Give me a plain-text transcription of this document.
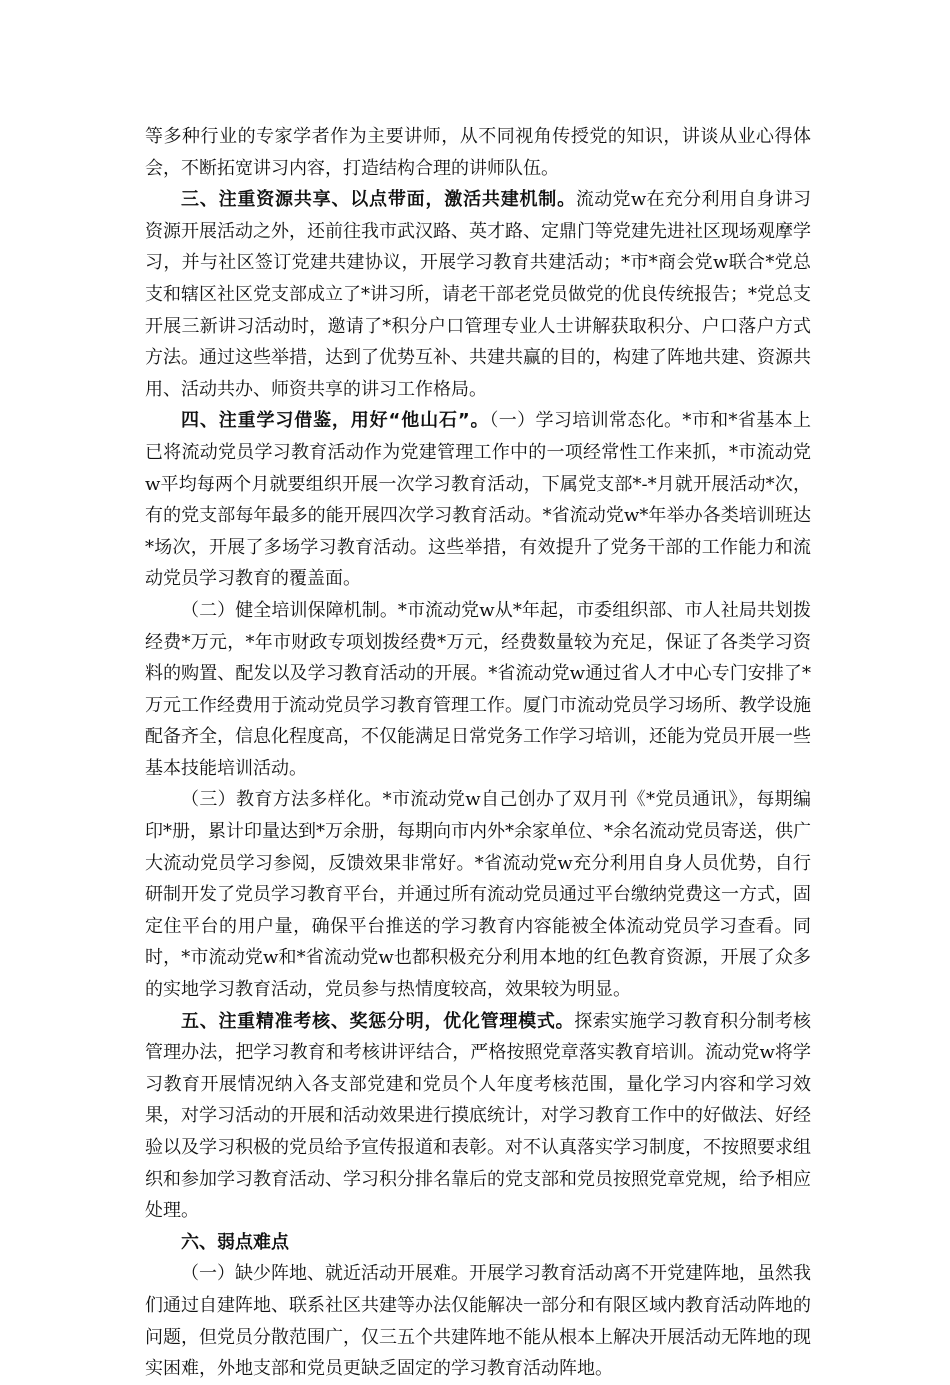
等多种行业的专家学者作为主要讲师，从不同视角传授党的知识，讲谈从业心得体会，不断拓宽讲习内容，打造结构合理的讲师队伍。

三、注重资源共享、以点带面，激活共建机制。流动党w在充分利用自身讲习资源开展活动之外，还前往我市武汉路、英才路、定鼎门等党建先进社区现场观摩学习，并与社区签订党建共建协议，开展学习教育共建活动；*市*商会党w联合*党总支和辖区社区党支部成立了*讲习所，请老干部老党员做党的优良传统报告；*党总支开展三新讲习活动时，邀请了*积分户口管理专业人士讲解获取积分、户口落户方式方法。通过这些举措，达到了优势互补、共建共赢的目的，构建了阵地共建、资源共用、活动共办、师资共享的讲习工作格局。

四、注重学习借鉴，用好“他山石”。（一）学习培训常态化。*市和*省基本上已将流动党员学习教育活动作为党建管理工作中的一项经常性工作来抓，*市流动党w平均每两个月就要组织开展一次学习教育活动，下属党支部*-*月就开展活动*次，有的党支部每年最多的能开展四次学习教育活动。*省流动党w*年举办各类培训班达*场次，开展了多场学习教育活动。这些举措，有效提升了党务干部的工作能力和流动党员学习教育的覆盖面。

（二）健全培训保障机制。*市流动党w从*年起，市委组织部、市人社局共划拨经费*万元，*年市财政专项划拨经费*万元，经费数量较为充足，保证了各类学习资料的购置、配发以及学习教育活动的开展。*省流动党w通过省人才中心专门安排了*万元工作经费用于流动党员学习教育管理工作。厦门市流动党员学习场所、教学设施配备齐全，信息化程度高，不仅能满足日常党务工作学习培训，还能为党员开展一些基本技能培训活动。

（三）教育方法多样化。*市流动党w自己创办了双月刊《*党员通讯》，每期编印*册，累计印量达到*万余册，每期向市内外*余家单位、*余名流动党员寄送，供广大流动党员学习参阅，反馈效果非常好。*省流动党w充分利用自身人员优势，自行研制开发了党员学习教育平台，并通过所有流动党员通过平台缴纳党费这一方式，固定住平台的用户量，确保平台推送的学习教育内容能被全体流动党员学习查看。同时，*市流动党w和*省流动党w也都积极充分利用本地的红色教育资源，开展了众多的实地学习教育活动，党员参与热情度较高，效果较为明显。

五、注重精准考核、奖惩分明，优化管理模式。探索实施学习教育积分制考核管理办法，把学习教育和考核讲评结合，严格按照党章落实教育培训。流动党w将学习教育开展情况纳入各支部党建和党员个人年度考核范围，量化学习内容和学习效果，对学习活动的开展和活动效果进行摸底统计，对学习教育工作中的好做法、好经验以及学习积极的党员给予宣传报道和表彰。对不认真落实学习制度，不按照要求组织和参加学习教育活动、学习积分排名靠后的党支部和党员按照党章党规，给予相应处理。

六、弱点难点

（一）缺少阵地、就近活动开展难。开展学习教育活动离不开党建阵地，虽然我们通过自建阵地、联系社区共建等办法仅能解决一部分和有限区域内教育活动阵地的问题，但党员分散范围广，仅三五个共建阵地不能从根本上解决开展活动无阵地的现实困难，外地支部和党员更缺乏固定的学习教育活动阵地。
